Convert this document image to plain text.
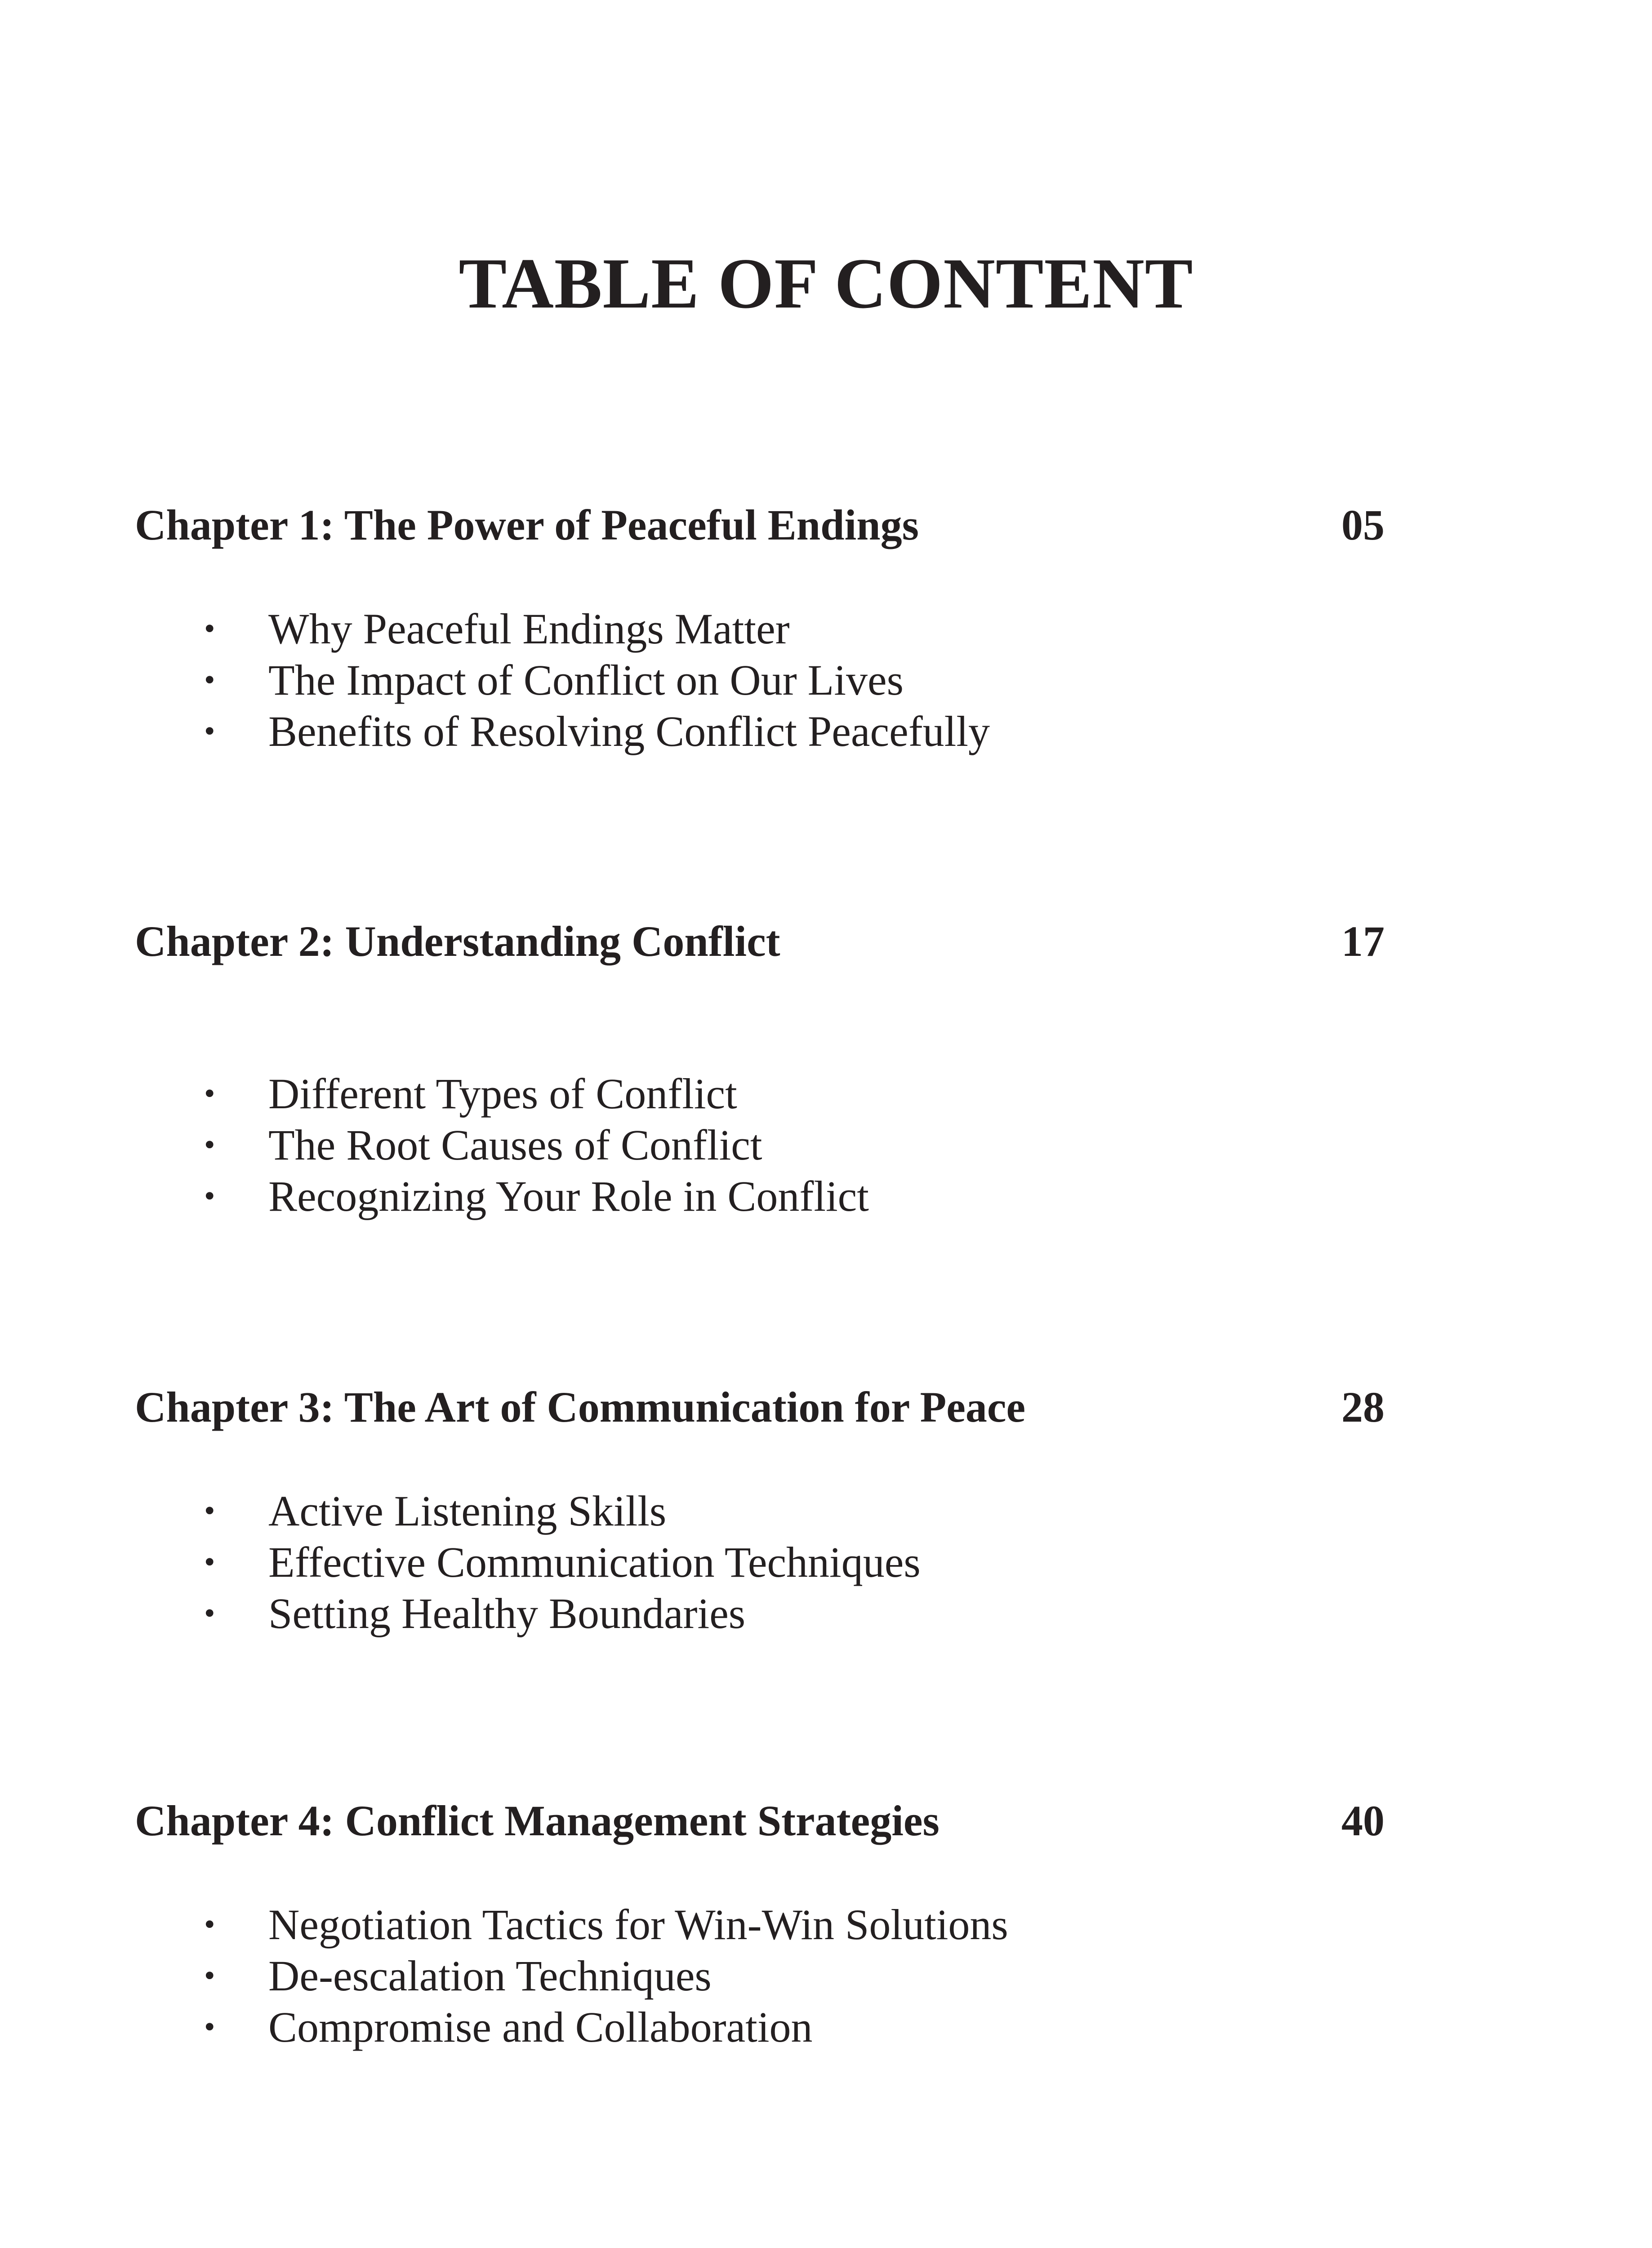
TABLE OF CONTENT
Chapter 1: The Power of Peaceful Endings	05
• Why Peaceful Endings Matter
• The Impact of Conflict on Our Lives
• Benefits of Resolving Conflict Peacefully
Chapter 2: Understanding Conflict	17
• Different Types of Conflict
• The Root Causes of Conflict
• Recognizing Your Role in Conflict
Chapter 3: The Art of Communication for Peace	28
• Active Listening Skills
• Effective Communication Techniques
• Setting Healthy Boundaries
Chapter 4: Conflict Management Strategies	40
• Negotiation Tactics for Win-Win Solutions
• De-escalation Techniques
• Compromise and Collaboration
